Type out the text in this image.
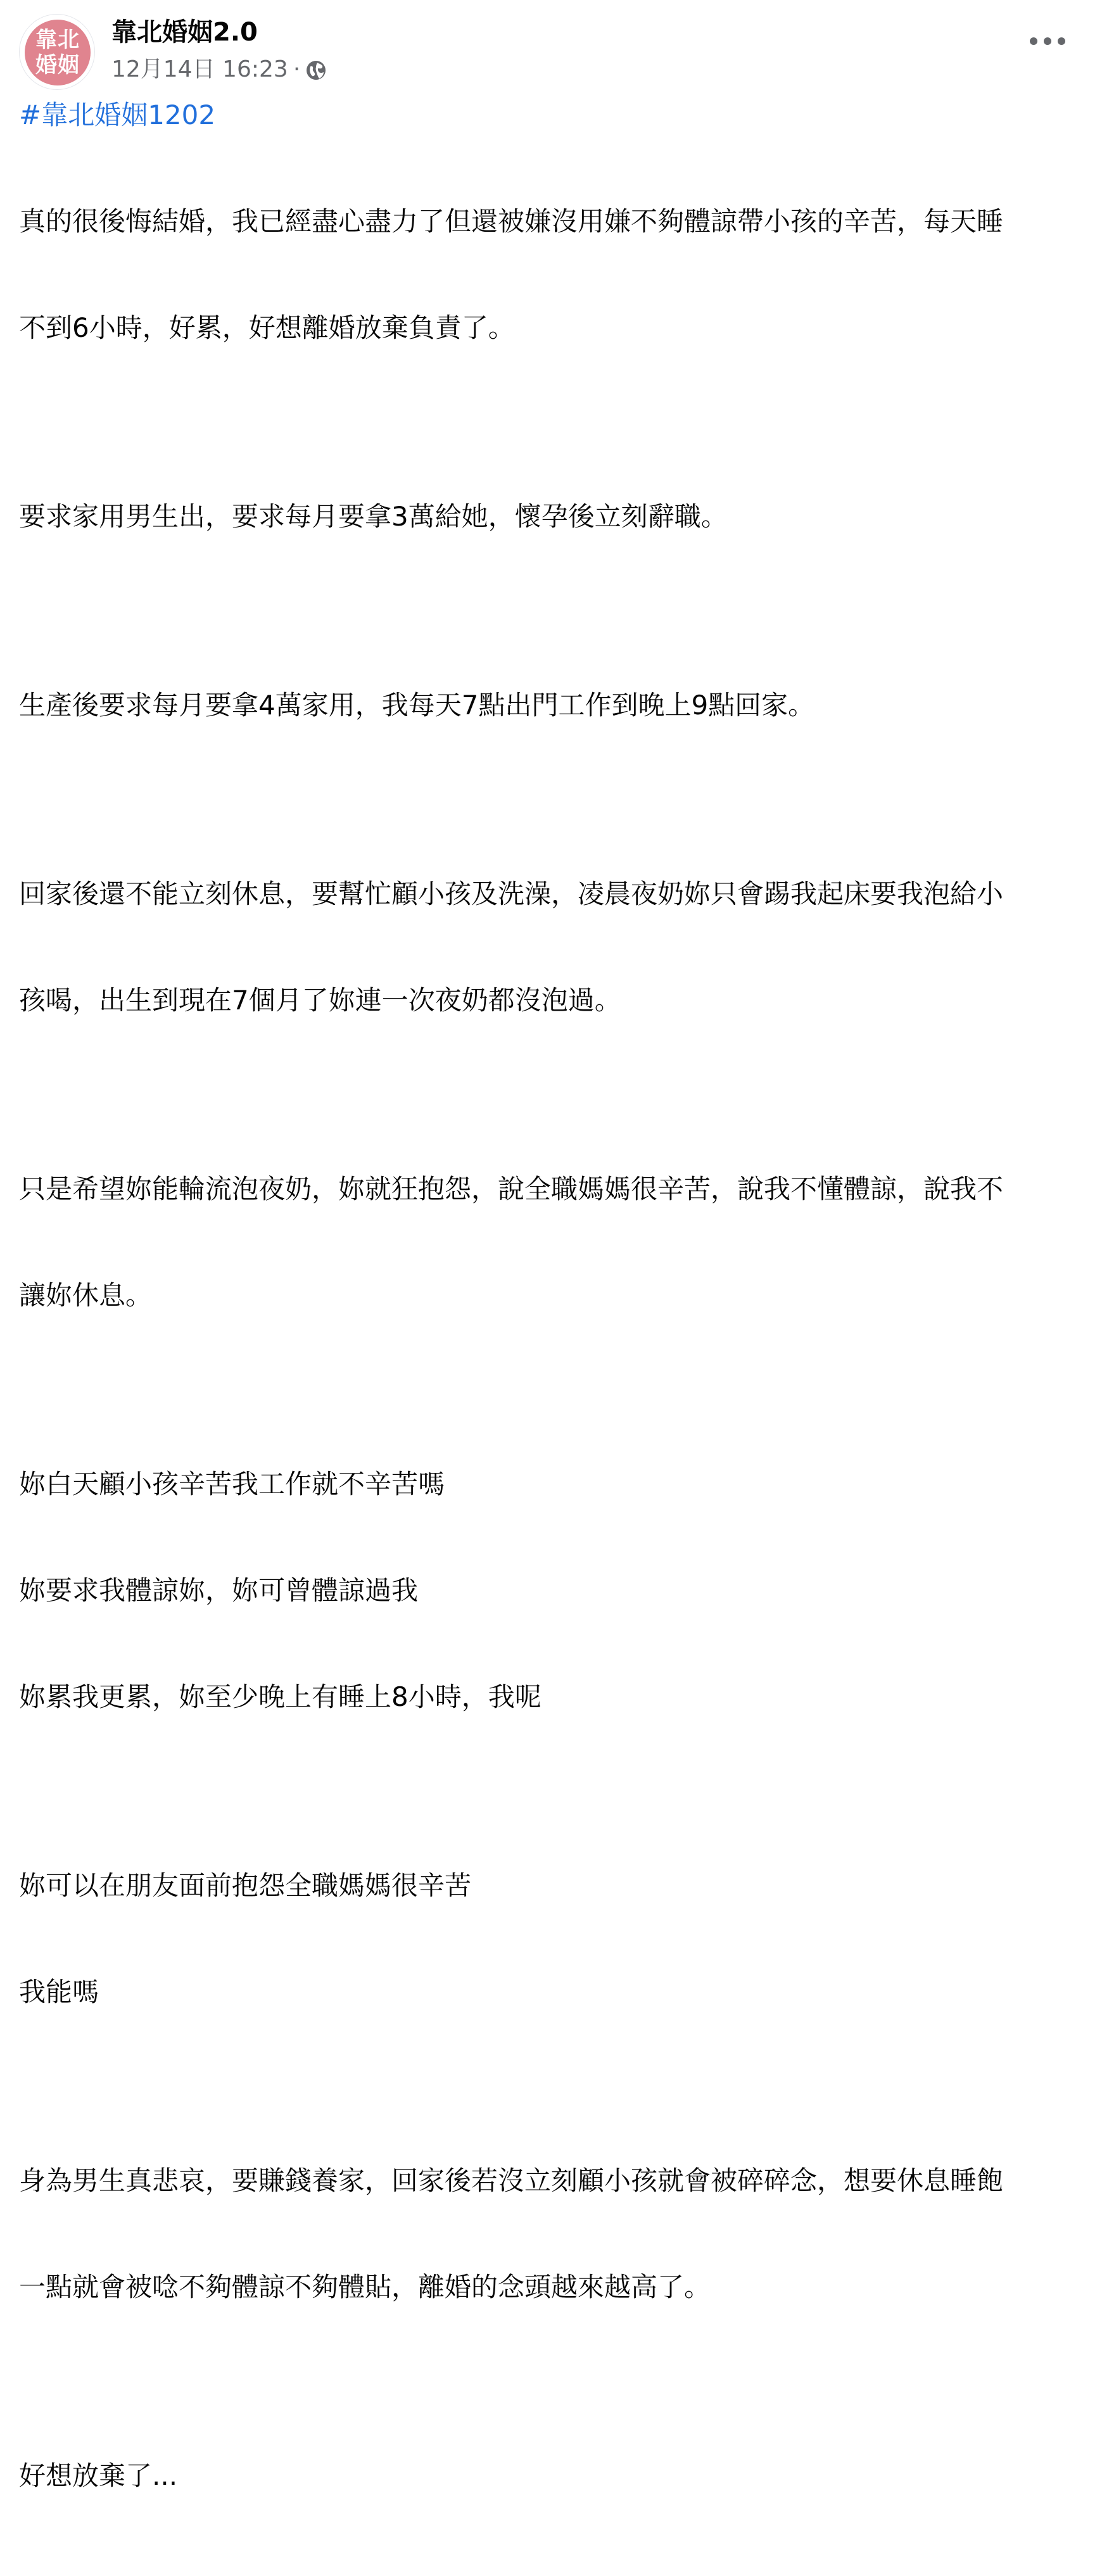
靠北
婚姻
靠北婚姻2.0
12月14日 16:23 ·
#靠北婚姻1202

真的很後悔結婚，我已經盡心盡力了但還被嫌沒用嫌不夠體諒帶小孩的辛苦，每天睡

不到6小時，好累，好想離婚放棄負責了。

要求家用男生出，要求每月要拿3萬給她，懷孕後立刻辭職。

生產後要求每月要拿4萬家用，我每天7點出門工作到晚上9點回家。

回家後還不能立刻休息，要幫忙顧小孩及洗澡，凌晨夜奶妳只會踢我起床要我泡給小

孩喝，出生到現在7個月了妳連一次夜奶都沒泡過。

只是希望妳能輪流泡夜奶，妳就狂抱怨，說全職媽媽很辛苦，說我不懂體諒，說我不

讓妳休息。

妳白天顧小孩辛苦我工作就不辛苦嗎

妳要求我體諒妳，妳可曾體諒過我

妳累我更累，妳至少晚上有睡上8小時，我呢

妳可以在朋友面前抱怨全職媽媽很辛苦

我能嗎

身為男生真悲哀，要賺錢養家，回家後若沒立刻顧小孩就會被碎碎念，想要休息睡飽

一點就會被唸不夠體諒不夠體貼，離婚的念頭越來越高了。

好想放棄了...
